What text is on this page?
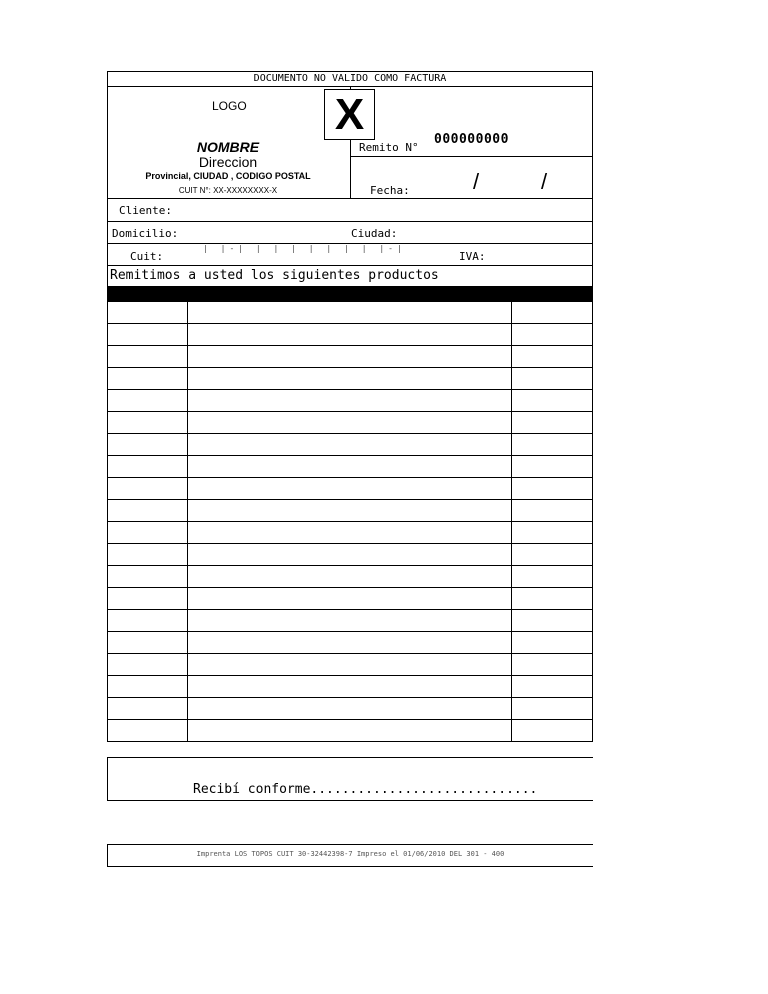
DOCUMENTO NO VALIDO COMO FACTURA
LOGO
NOMBRE
Direccion
Provincial, CIUDAD , CODIGO POSTAL
CUIT N°: XX-XXXXXXXX-X
X
Remito N°
000000000
Fecha:	/	/
Cliente:
Domicilio:	Ciudad:
Cuit:
| |-| | | | | | | | |-|
IVA:
Remitimos a usted los siguientes productos

Recibí conforme.............................
Imprenta LOS TOPOS CUIT 30-32442398-7 Impreso el 01/06/2010 DEL 301 - 400
